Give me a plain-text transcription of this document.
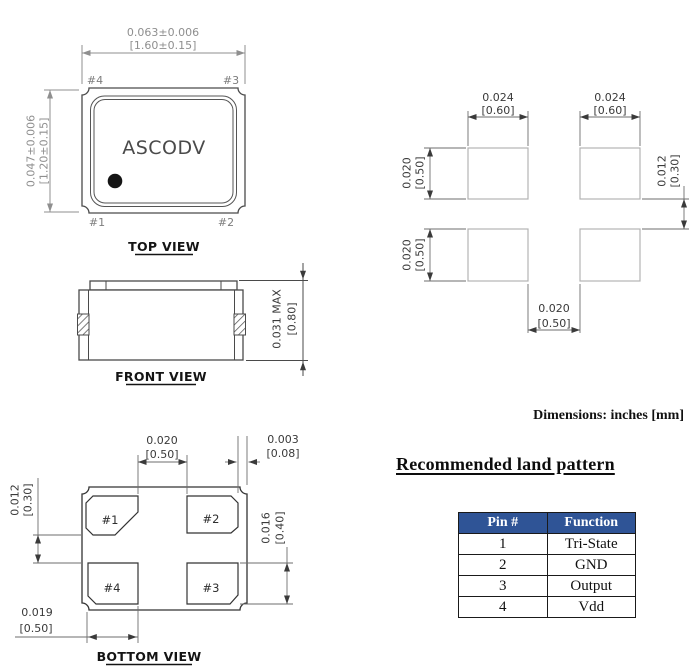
0.063±0.006
[1.60±0.15]
0.047±0.006 [1.20±0.15]	ASCODV
#4	#3
#1	#2
TOP VIEW
0.031 MAX [0.80]
FRONT VIEW
#1	#2
#4	#3
0.020
[0.50]
0.003
[0.08]
0.012 [0.30]
0.016 [0.40]
0.019
[0.50]
BOTTOM VIEW
0.024
[0.60]
0.024
[0.60]
0.020 [0.50]
0.020 [0.50]
0.012 [0.30]
0.020
[0.50]
Dimensions: inches [mm]
Recommended land pattern
Pin #	Function
1	Tri-State
2	GND
3	Output
4	Vdd
